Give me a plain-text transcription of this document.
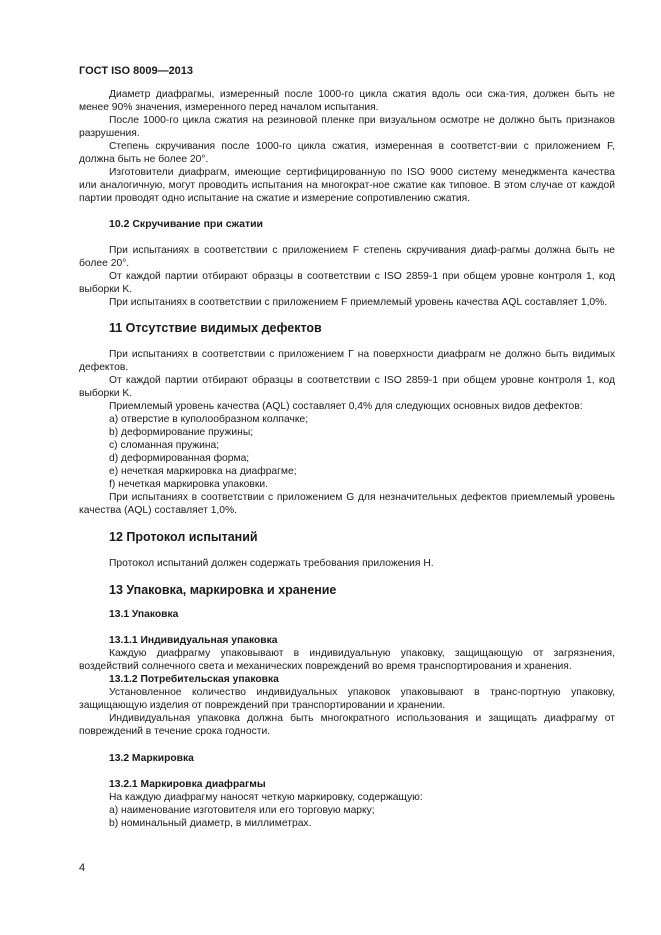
ГОСТ ISO 8009—2013

Диаметр диафрагмы, измеренный после 1000-го цикла сжатия вдоль оси сжа-тия, должен быть не менее 90% значения, измеренного перед началом испытания.

После 1000-го цикла сжатия на резиновой пленке при визуальном осмотре не должно быть признаков разрушения.

Степень скручивания после 1000-го цикла сжатия, измеренная в соответст-вии с приложением F, должна быть не более 20°.

Изготовители диафрагм, имеющие сертифицированную по ISO 9000 систему менеджмента качества или аналогичную, могут проводить испытания на многократ-ное сжатие как типовое. В этом случае от каждой партии проводят одно испытание на сжатие и измерение сопротивлению сжатия.

10.2 Скручивание при сжатии

При испытаниях в соответствии с приложением F степень скручивания диаф-рагмы должна быть не более 20°.

От каждой партии отбирают образцы в соответствии с ISO 2859-1 при общем уровне контроля 1, код выборки K.

При испытаниях в соответствии с приложением F приемлемый уровень качества AQL составляет 1,0%.

11 Отсутствие видимых дефектов

При испытаниях в соответствии с приложением Г на поверхности диафрагм не должно быть видимых дефектов.

От каждой партии отбирают образцы в соответствии с ISO 2859-1 при общем уровне контроля 1, код выборки K.

Приемлемый уровень качества (AQL) составляет 0,4% для следующих основных видов дефектов:

a) отверстие в куполообразном колпачке;

b) деформирование пружины;

c) сломанная пружина;

d) деформированная форма;

e) нечеткая маркировка на диафрагме;

f) нечеткая маркировка упаковки.

При испытаниях в соответствии с приложением G для незначительных дефектов приемлемый уровень качества (AQL) составляет 1,0%.

12 Протокол испытаний

Протокол испытаний должен содержать требования приложения H.

13 Упаковка, маркировка и хранение
13.1 Упаковка
13.1.1 Индивидуальная упаковка

Каждую диафрагму упаковывают в индивидуальную упаковку, защищающую от загрязнения, воздействий солнечного света и механических повреждений во время транспортирования и хранения.

13.1.2 Потребительская упаковка

Установленное количество индивидуальных упаковок упаковывают в транс-портную упаковку, защищающую изделия от повреждений при транспортировании и хранении.

Индивидуальная упаковка должна быть многократного использования и защищать диафрагму от повреждений в течение срока годности.

13.2 Маркировка
13.2.1 Маркировка диафрагмы

На каждую диафрагму наносят четкую маркировку, содержащую:

a) наименование изготовителя или его торговую марку;

b) номинальный диаметр, в миллиметрах.

4
